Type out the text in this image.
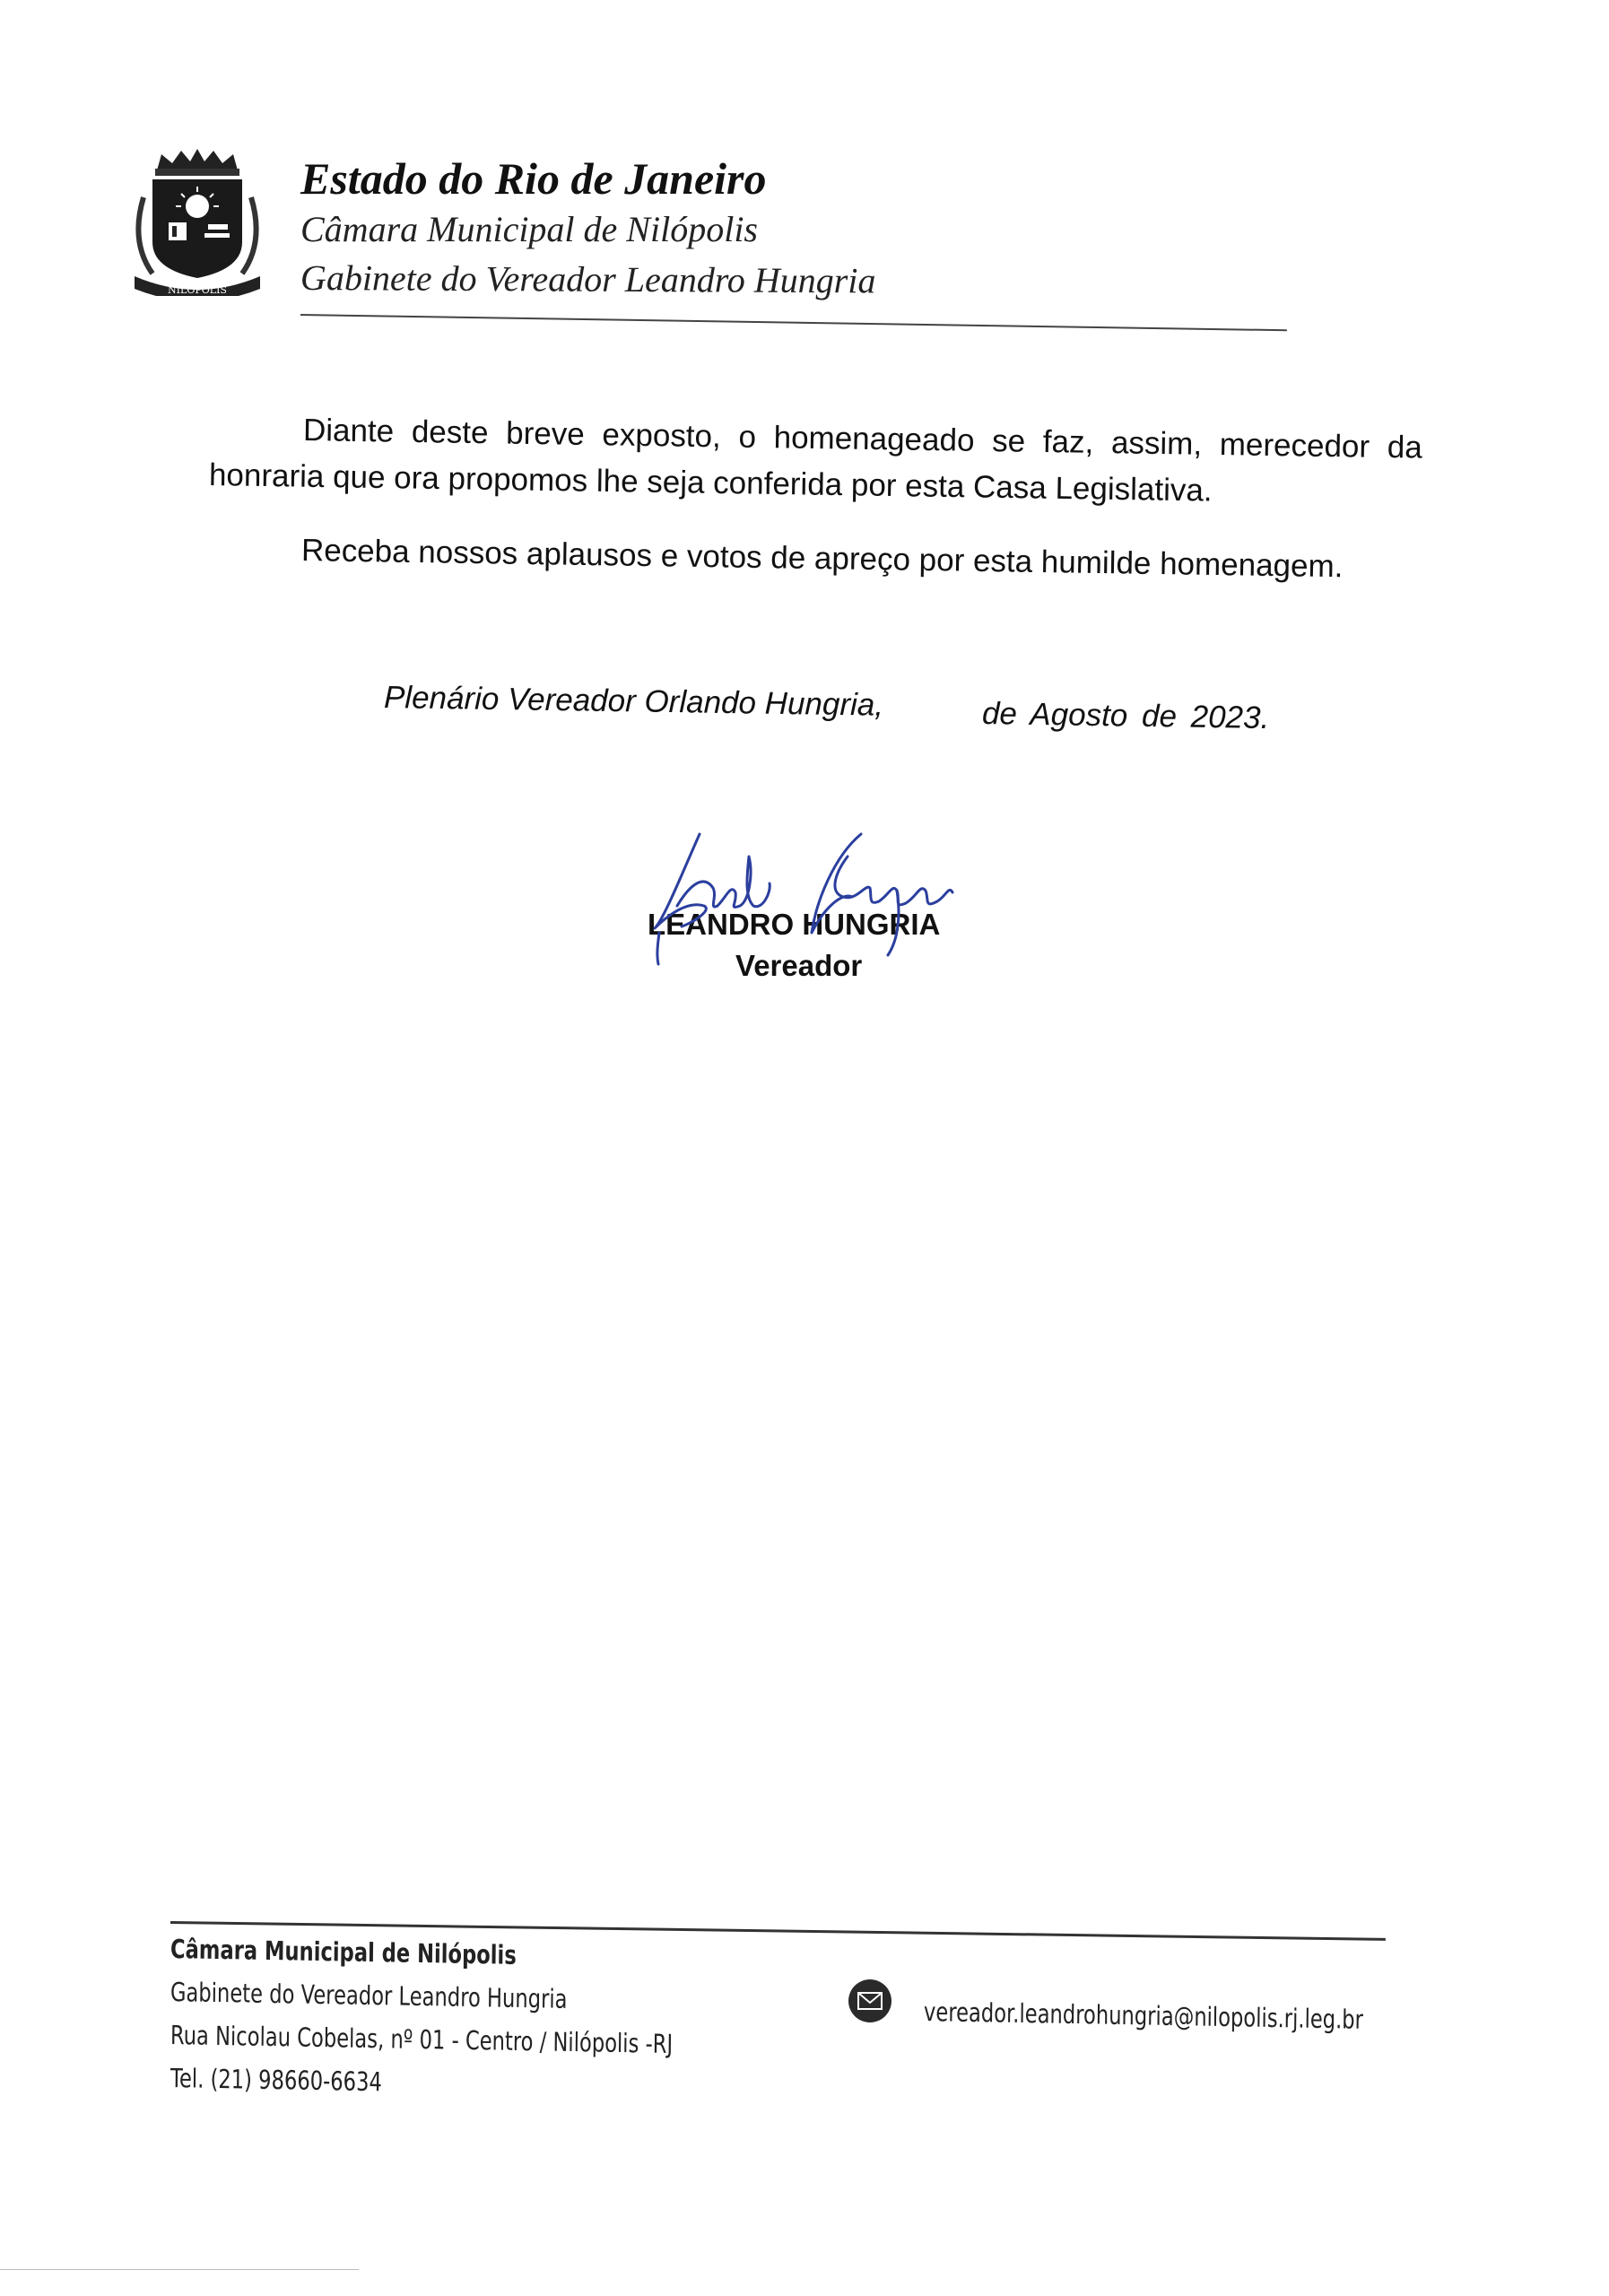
NILÓPOLIS
Estado do Rio de Janeiro
Câmara Municipal de Nilópolis
Gabinete do Vereador Leandro Hungria
Diante deste breve exposto, o homenageado se faz, assim, merecedor da
honraria que ora propomos lhe seja conferida por esta Casa Legislativa.
Receba nossos aplausos e votos de apreço por esta humilde homenagem.
Plenário Vereador Orlando Hungria,	de Agosto de 2023.
LEANDRO HUNGRIA
Vereador
Câmara Municipal de Nilópolis
Gabinete do Vereador Leandro Hungria
Rua Nicolau Cobelas, nº 01 - Centro / Nilópolis -RJ
Tel. (21) 98660-6634
vereador.leandrohungria@nilopolis.rj.leg.br
